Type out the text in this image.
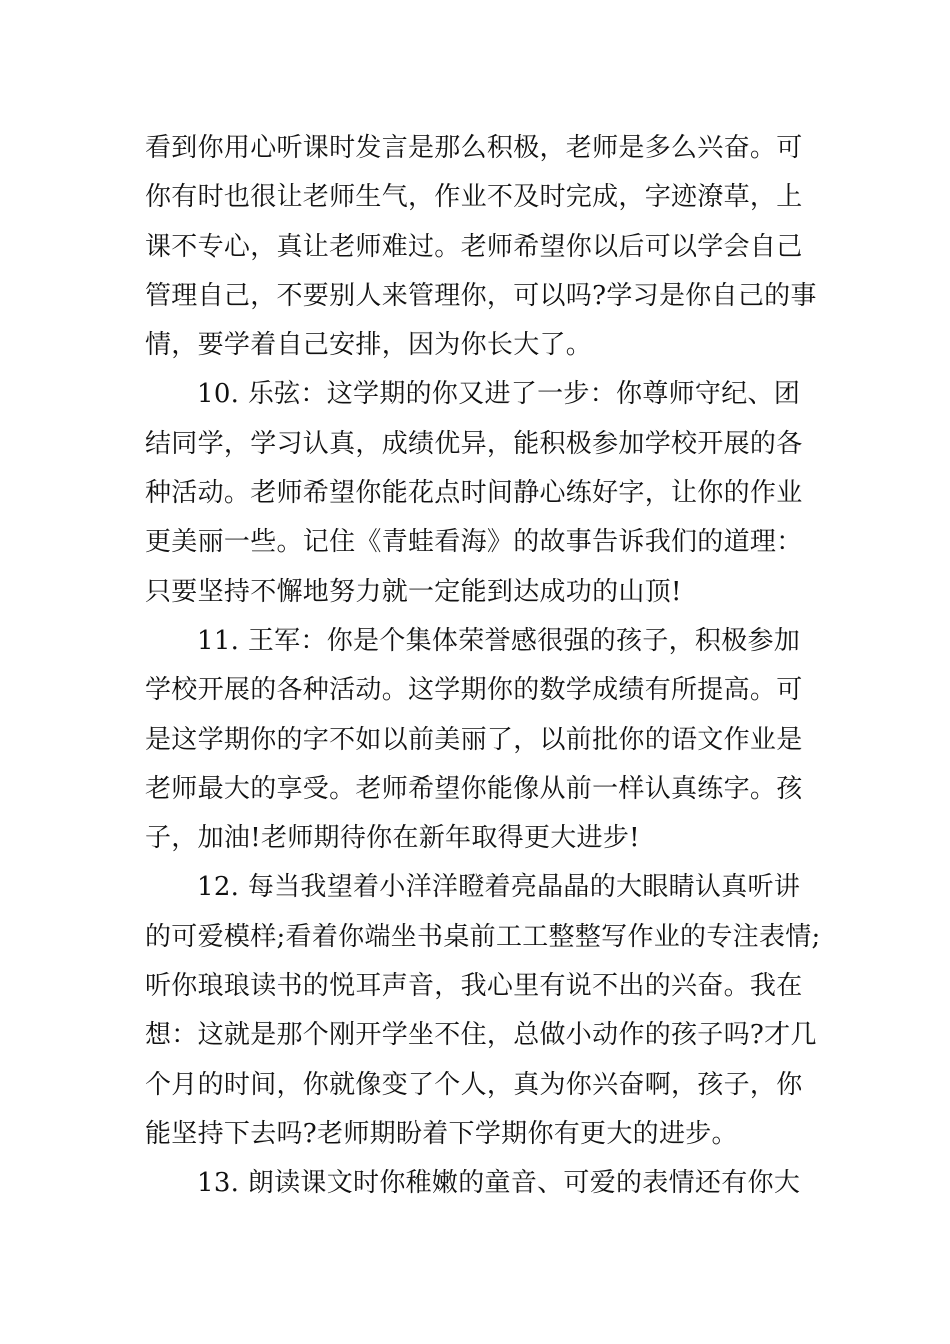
看到你用心听课时发言是那么积极，老师是多么兴奋。可
你有时也很让老师生气，作业不及时完成，字迹潦草，上
课不专心，真让老师难过。老师希望你以后可以学会自己
管理自己，不要别人来管理你，可以吗?学习是你自己的事
情，要学着自己安排，因为你长大了。
10. 乐弦：这学期的你又进了一步：你尊师守纪、团
结同学，学习认真，成绩优异，能积极参加学校开展的各
种活动。老师希望你能花点时间静心练好字，让你的作业
更美丽一些。记住《青蛙看海》的故事告诉我们的道理：
只要坚持不懈地努力就一定能到达成功的山顶!
11. 王军：你是个集体荣誉感很强的孩子，积极参加
学校开展的各种活动。这学期你的数学成绩有所提高。可
是这学期你的字不如以前美丽了，以前批你的语文作业是
老师最大的享受。老师希望你能像从前一样认真练字。孩
子，加油!老师期待你在新年取得更大进步!
12. 每当我望着小洋洋瞪着亮晶晶的大眼睛认真听讲
的可爱模样;看着你端坐书桌前工工整整写作业的专注表情;
听你琅琅读书的悦耳声音，我心里有说不出的兴奋。我在
想：这就是那个刚开学坐不住，总做小动作的孩子吗?才几
个月的时间，你就像变了个人，真为你兴奋啊，孩子，你
能坚持下去吗?老师期盼着下学期你有更大的进步。
13. 朗读课文时你稚嫩的童音、可爱的表情还有你大
